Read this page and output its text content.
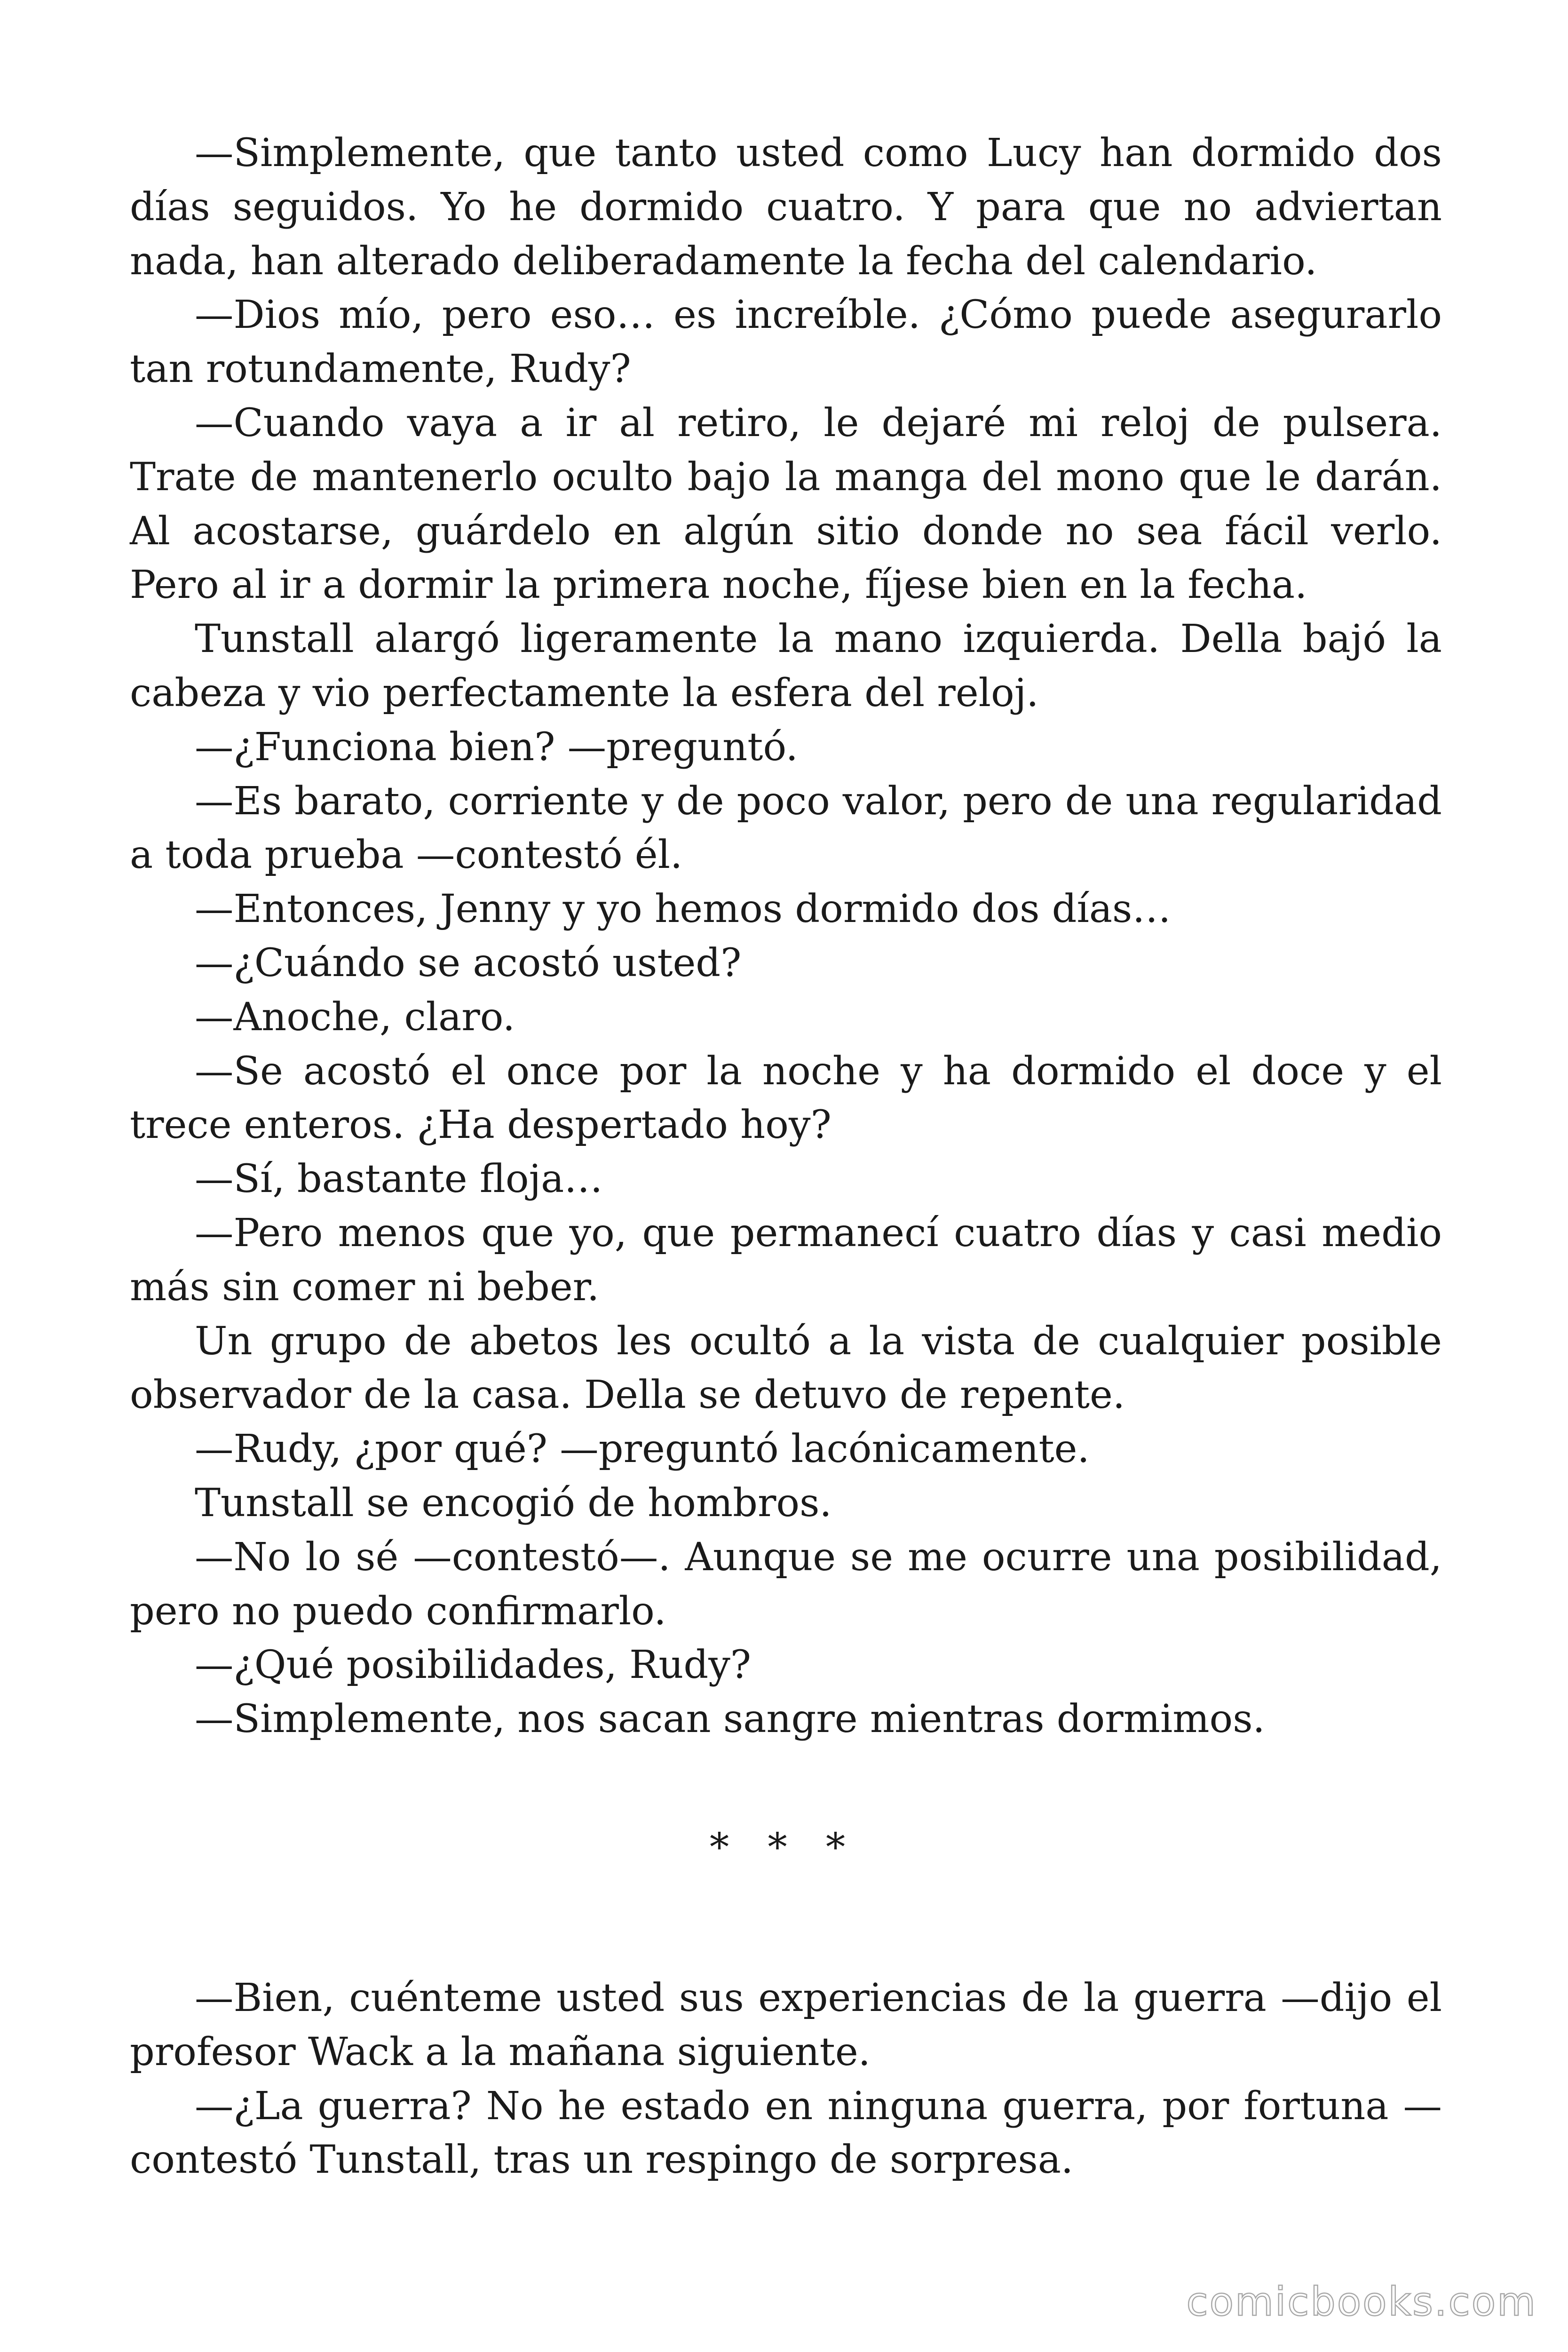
—Simplemente, que tanto usted como Lucy han dormido dos días seguidos. Yo he dormido cuatro. Y para que no adviertan nada, han alterado deliberadamente la fecha del calendario.

—Dios mío, pero eso… es increíble. ¿Cómo puede asegurarlo tan rotundamente, Rudy?

—Cuando vaya a ir al retiro, le dejaré mi reloj de pulsera. Trate de mantenerlo oculto bajo la manga del mono que le darán. Al acostarse, guárdelo en algún sitio donde no sea fácil verlo. Pero al ir a dormir la primera noche, fíjese bien en la fecha.

Tunstall alargó ligeramente la mano izquierda. Della bajó la cabeza y vio perfectamente la esfera del reloj.

—¿Funciona bien? —preguntó.

—Es barato, corriente y de poco valor, pero de una regularidad a toda prueba —contestó él.

—Entonces, Jenny y yo hemos dormido dos días…

—¿Cuándo se acostó usted?

—Anoche, claro.

—Se acostó el once por la noche y ha dormido el doce y el trece enteros. ¿Ha despertado hoy?

—Sí, bastante floja…

—Pero menos que yo, que permanecí cuatro días y casi medio más sin comer ni beber.

Un grupo de abetos les ocultó a la vista de cualquier posible observador de la casa. Della se detuvo de repente.

—Rudy, ¿por qué? —preguntó lacónicamente.

Tunstall se encogió de hombros.

—No lo sé —contestó—. Aunque se me ocurre una posibilidad, pero no puedo confirmarlo.

—¿Qué posibilidades, Rudy?

—Simplemente, nos sacan sangre mientras dormimos.

* * *

—Bien, cuénteme usted sus experiencias de la guerra —dijo el profesor Wack a la mañana siguiente.

—¿La guerra? No he estado en ninguna guerra, por fortuna — contestó Tunstall, tras un respingo de sorpresa.

comicbooks.com
